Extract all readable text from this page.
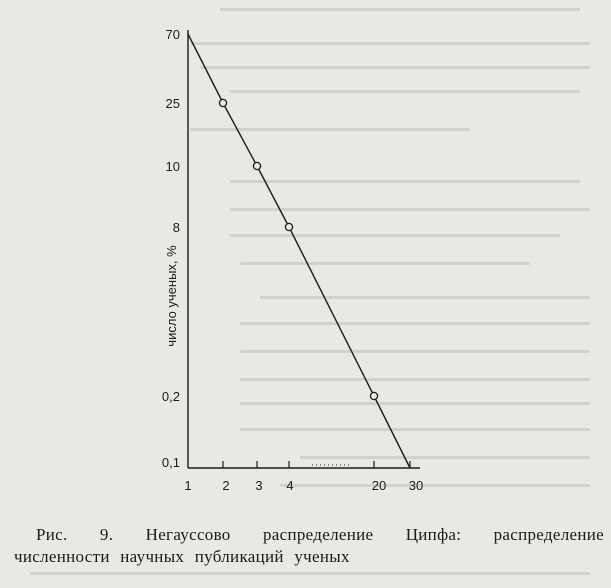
число ученых, %
70
25
10
8
0,2
0,1
1 2 3 4	20 30
Рис. 9. Негауссово распределение Ципфа: распределение
численности научных публикаций ученых
